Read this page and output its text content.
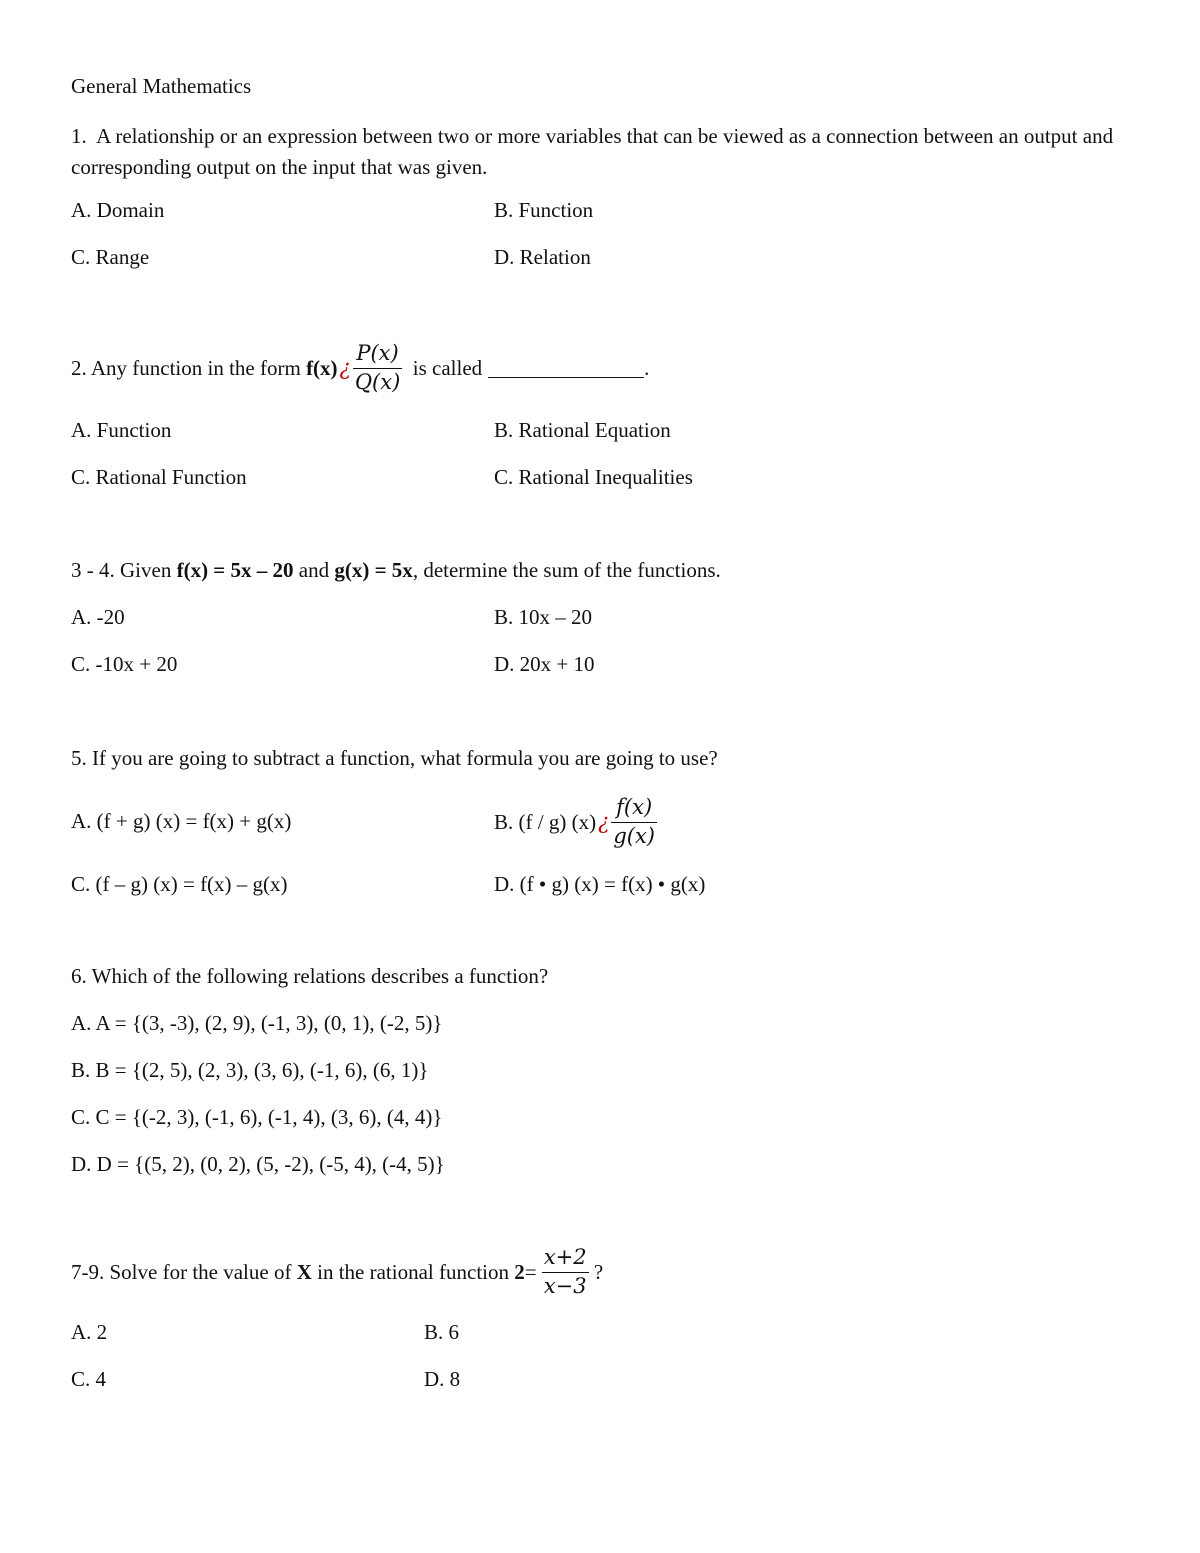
General Mathematics
1. A relationship or an expression between two or more variables that can be viewed as a connection between an output and corresponding output on the input that was given.
A. Domain	B. Function
C. Range	D. Relation
2. Any function in the form
f(x) ¿ $\frac{P(x)}{Q(x)}$
is called	.
A. Function	B. Rational Equation
C. Rational Function	C. Rational Inequalities
3 - 4. Given f(x) = 5x – 20 and g(x) = 5x, determine the sum of the functions.
A. -20	B. 10x – 20
C. -10x + 20	D. 20x + 10
5. If you are going to subtract a function, what formula you are going to use?
A. (f + g) (x) = f(x) + g(x)	B. (f / g) (x) ¿ $\frac{f(x)}{g(x)}$
C. (f – g) (x) = f(x) – g(x)	D. (f • g) (x) = f(x) • g(x)
6. Which of the following relations describes a function?
A. A = {(3, -3), (2, 9), (-1, 3), (0, 1), (-2, 5)}
B. B = {(2, 5), (2, 3), (3, 6), (-1, 6), (6, 1)}
C. C = {(-2, 3), (-1, 6), (-1, 4), (3, 6), (4, 4)}
D. D = {(5, 2), (0, 2), (5, -2), (-5, 4), (-4, 5)}
7-9. Solve for the value of
X
in the rational function
2 =
$\frac{x+2}{x-3}$
?
A. 2	B. 6
C. 4	D. 8
